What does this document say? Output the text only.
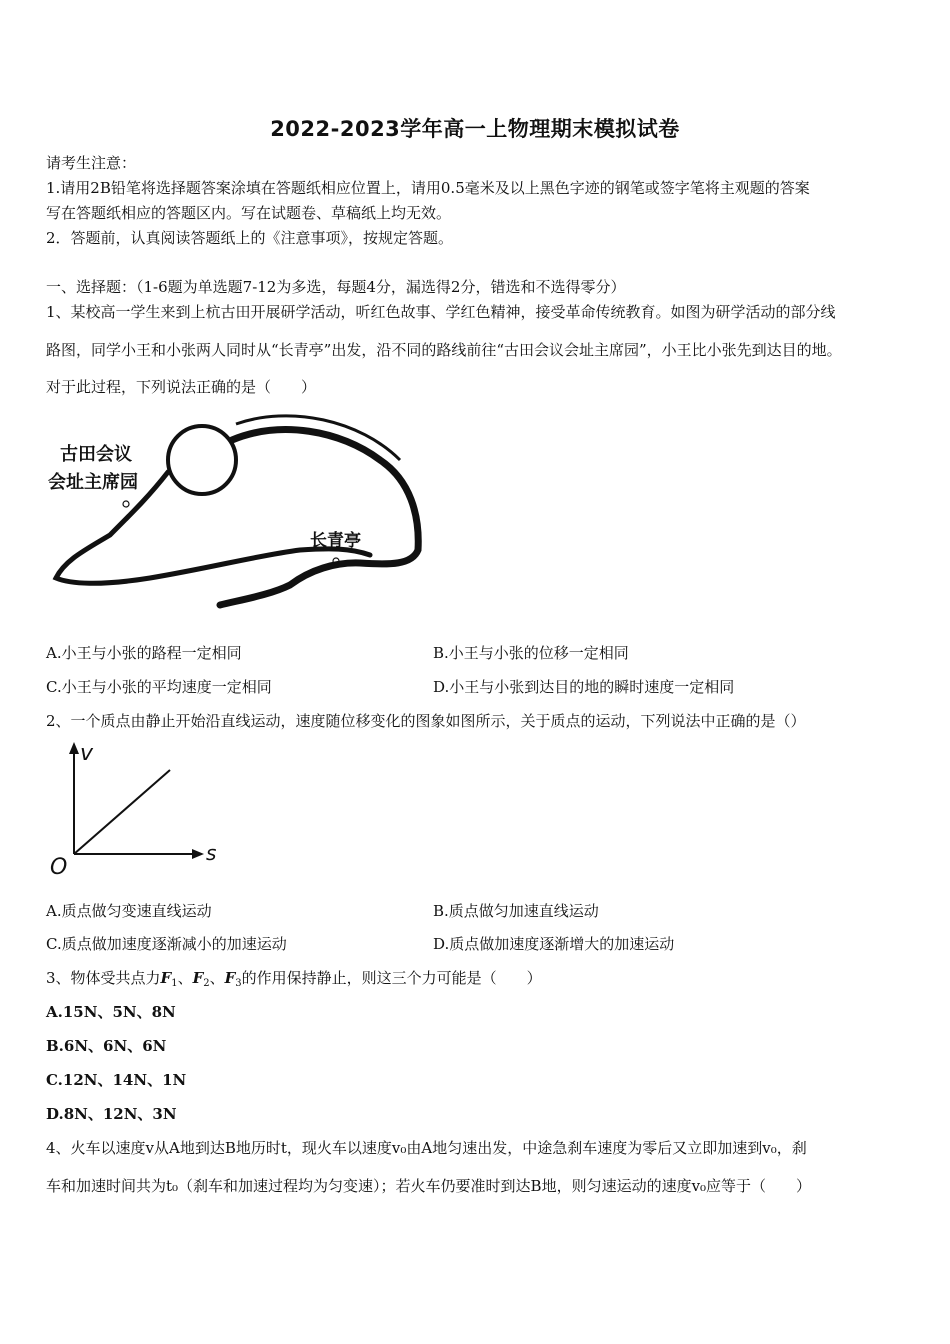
2022-2023学年高一上物理期末模拟试卷
请考生注意：
1.请用2B铅笔将选择题答案涂填在答题纸相应位置上，请用0.5毫米及以上黑色字迹的钢笔或签字笔将主观题的答案
写在答题纸相应的答题区内。写在试题卷、草稿纸上均无效。
2．答题前，认真阅读答题纸上的《注意事项》，按规定答题。
一、选择题：（1-6题为单选题7-12为多选，每题4分，漏选得2分，错选和不选得零分）
1、某校高一学生来到上杭古田开展研学活动，听红色故事、学红色精神，接受革命传统教育。如图为研学活动的部分线
路图，同学小王和小张两人同时从“长青亭”出发，沿不同的路线前往“古田会议会址主席园”，小王比小张先到达目的地。
对于此过程，下列说法正确的是（　　）
古田会议
会址主席园
长青亭
A.小王与小张的路程一定相同	B.小王与小张的位移一定相同
C.小王与小张的平均速度一定相同	D.小王与小张到达目的地的瞬时速度一定相同
2、一个质点由静止开始沿直线运动，速度随位移变化的图象如图所示，关于质点的运动，下列说法中正确的是（）
v
s
O
A.质点做匀变速直线运动	B.质点做匀加速直线运动
C.质点做加速度逐渐减小的加速运动	D.质点做加速度逐渐增大的加速运动
3、物体受共点力$F_1$、$F_2$、$F_3$的作用保持静止，则这三个力可能是（　　）
A.15N、5N、8N
B.6N、6N、6N
C.12N、14N、1N
D.8N、12N、3N
4、火车以速度v从A地到达B地历时t，现火车以速度v₀由A地匀速出发，中途急刹车速度为零后又立即加速到v₀，刹
车和加速时间共为t₀（刹车和加速过程均为匀变速）；若火车仍要准时到达B地，则匀速运动的速度v₀应等于（　　）
